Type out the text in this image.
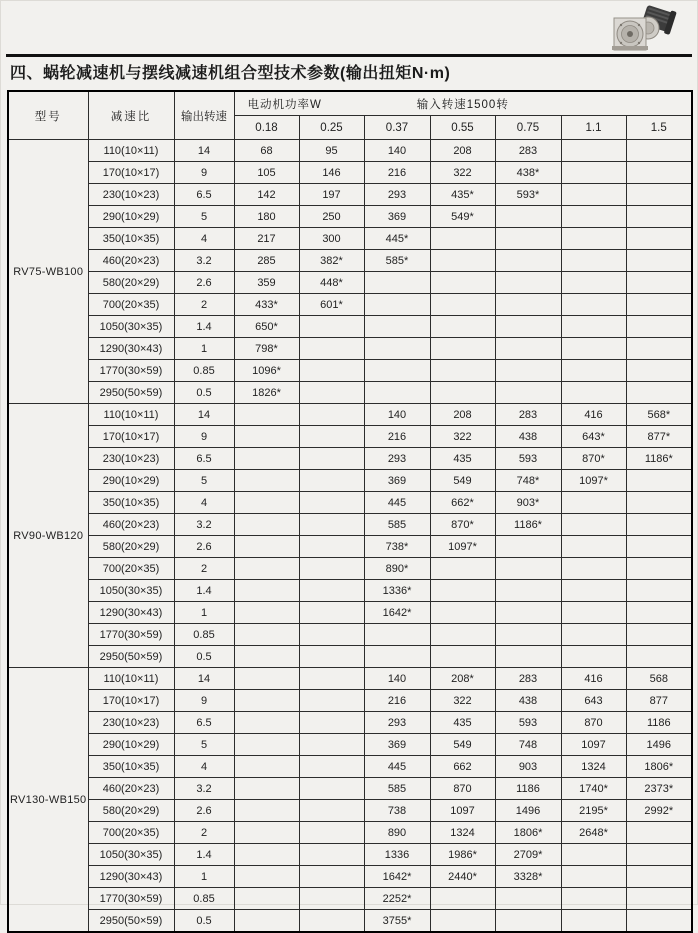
四、蜗轮减速机与摆线减速机组合型技术参数(输出扭矩N·m)
型号	减速比	输出转速	电动机功率W 输入转速1500转						
			0.18	0.25	0.37	0.55	0.75	1.1	1.5
RV75-WB100	110(10×11)	14	68	95	140	208	283		
	170(10×17)	9	105	146	216	322	438*		
	230(10×23)	6.5	142	197	293	435*	593*		
	290(10×29)	5	180	250	369	549*			
	350(10×35)	4	217	300	445*				
	460(20×23)	3.2	285	382*	585*				
	580(20×29)	2.6	359	448*					
	700(20×35)	2	433*	601*					
	1050(30×35)	1.4	650*						
	1290(30×43)	1	798*						
	1770(30×59)	0.85	1096*						
	2950(50×59)	0.5	1826*						
RV90-WB120	110(10×11)	14			140	208	283	416	568*
	170(10×17)	9			216	322	438	643*	877*
	230(10×23)	6.5			293	435	593	870*	1186*
	290(10×29)	5			369	549	748*	1097*	
	350(10×35)	4			445	662*	903*		
	460(20×23)	3.2			585	870*	1186*		
	580(20×29)	2.6			738*	1097*			
	700(20×35)	2			890*				
	1050(30×35)	1.4			1336*				
	1290(30×43)	1			1642*				
	1770(30×59)	0.85							
	2950(50×59)	0.5							
RV130-WB150	110(10×11)	14			140	208*	283	416	568
	170(10×17)	9			216	322	438	643	877
	230(10×23)	6.5			293	435	593	870	1186
	290(10×29)	5			369	549	748	1097	1496
	350(10×35)	4			445	662	903	1324	1806*
	460(20×23)	3.2			585	870	1186	1740*	2373*
	580(20×29)	2.6			738	1097	1496	2195*	2992*
	700(20×35)	2			890	1324	1806*	2648*	
	1050(30×35)	1.4			1336	1986*	2709*		
	1290(30×43)	1			1642*	2440*	3328*		
	1770(30×59)	0.85			2252*				
	2950(50×59)	0.5			3755*				
